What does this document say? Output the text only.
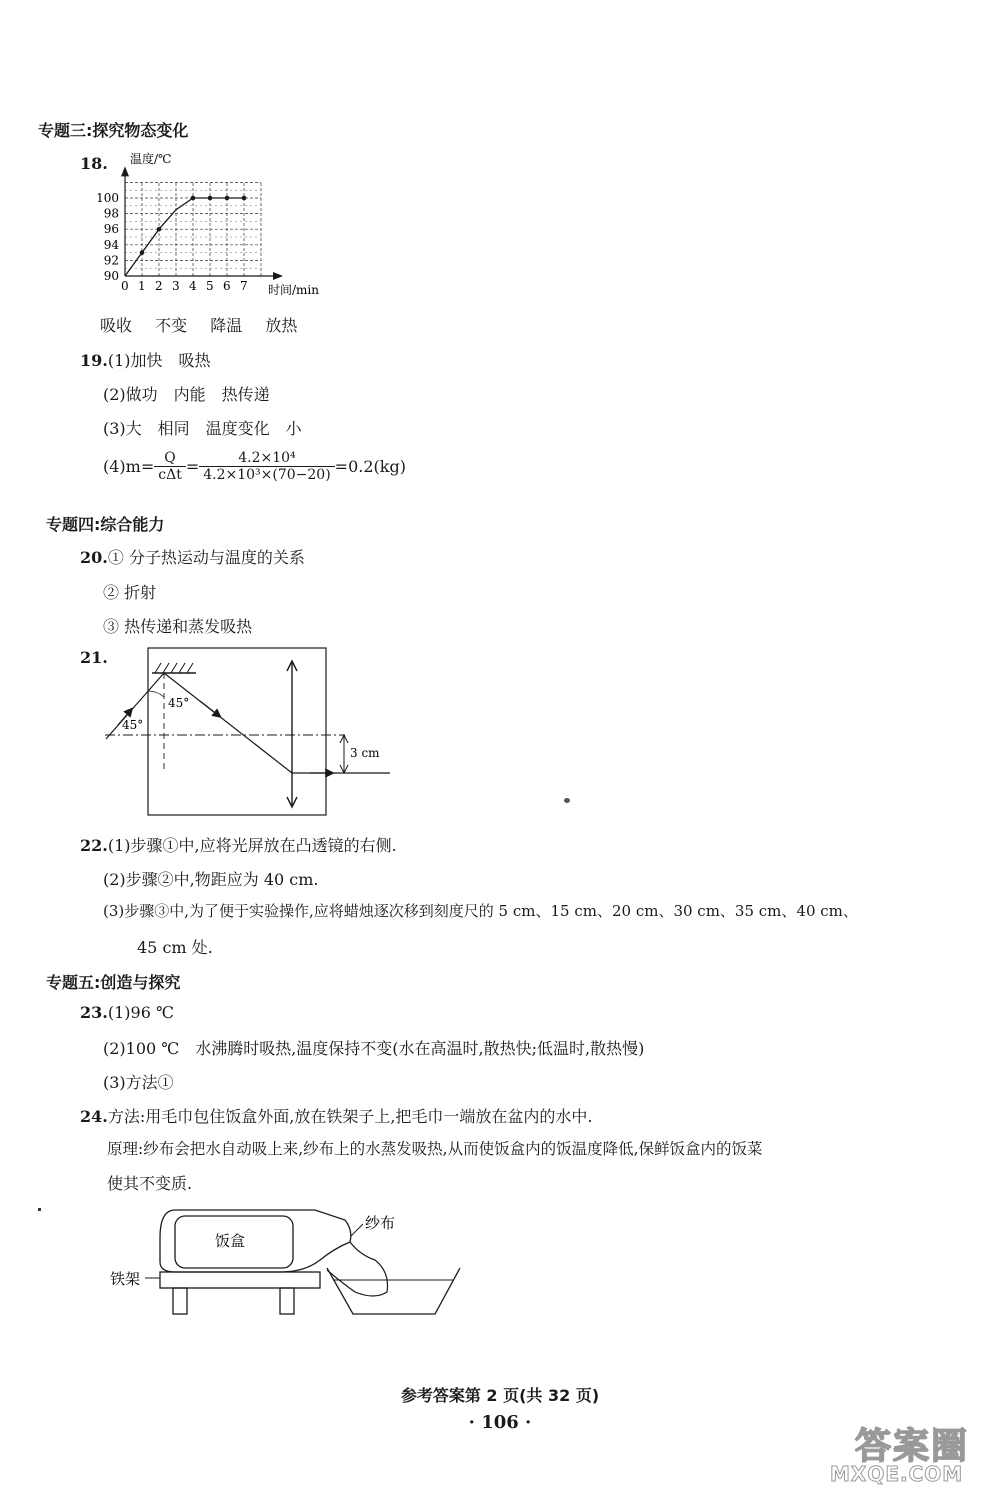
专题三:探究物态变化
18.
0 1 2 3 4 5 6 7
90
92
94
96
98
100
温度/℃
时间/min
吸收 不变 降温 放热
19.(1)加快　吸热
(2)做功　内能　热传递
(3)大　相同　温度变化　小
$(4)m= \frac{Q}{\text{cΔt}} = \frac{\text{4.2×10⁴}}{\text{4.2×10³×(70−20)}} =0.2(kg)$
专题四:综合能力
20.① 分子热运动与温度的关系
② 折射
③ 热传递和蒸发吸热
21.
3 cm
45°
45°
22.(1)步骤①中,应将光屏放在凸透镜的右侧.
(2)步骤②中,物距应为 40 cm.
(3)步骤③中,为了便于实验操作,应将蜡烛逐次移到刻度尺的 5 cm、15 cm、20 cm、30 cm、35 cm、40 cm、
45 cm 处.
专题五:创造与探究
23.(1)96 ℃
(2)100 ℃　水沸腾时吸热,温度保持不变(水在高温时,散热快;低温时,散热慢)
(3)方法①
24.方法:用毛巾包住饭盒外面,放在铁架子上,把毛巾一端放在盆内的水中.
原理:纱布会把水自动吸上来,纱布上的水蒸发吸热,从而使饭盒内的饭温度降低,保鲜饭盒内的饭菜
使其不变质.
饭盒
纱布
铁架
参考答案第 2 页(共 32 页)
· 106 ·
答案圈
MXQE.COM
